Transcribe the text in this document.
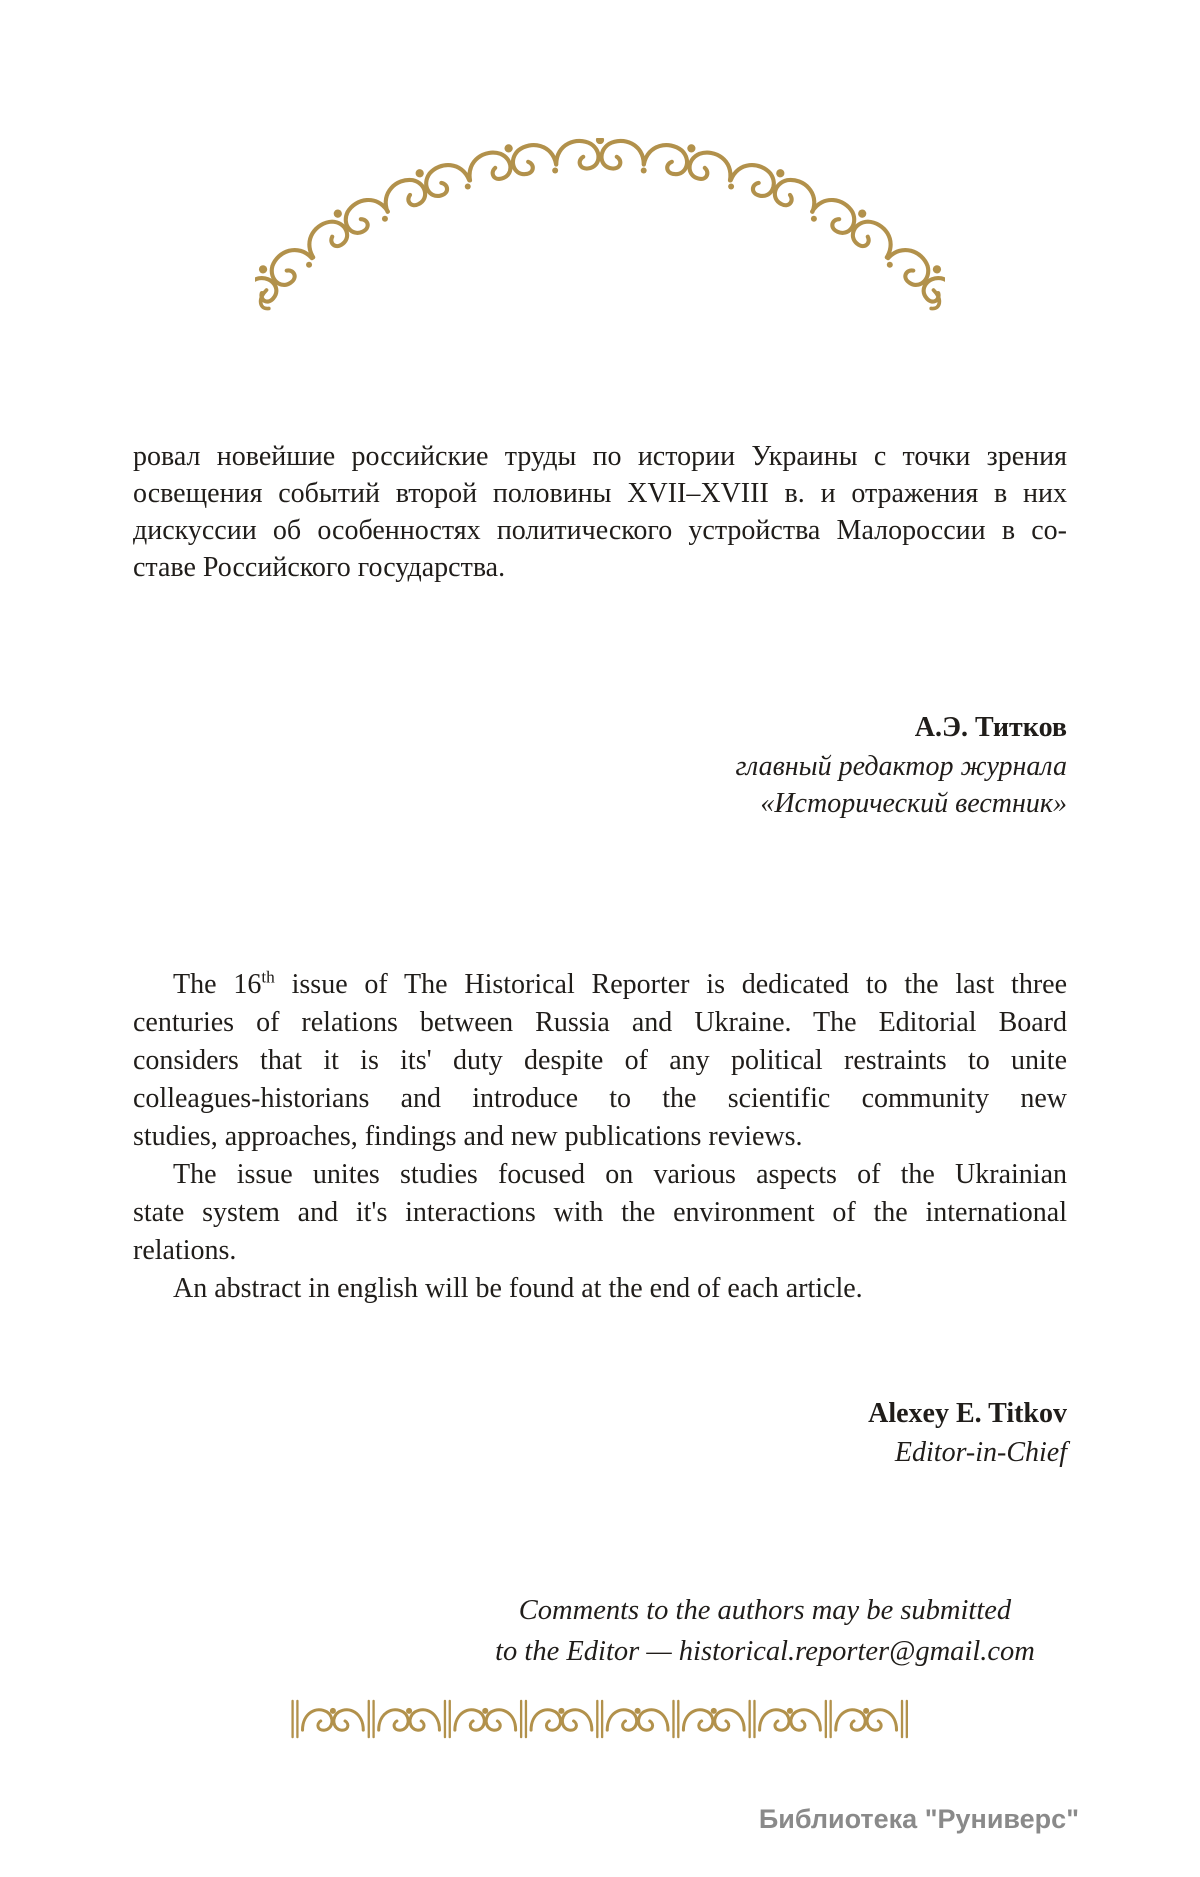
ровал новейшие российские труды по истории Украины с точки зрения
освещения событий второй половины XVII–XVIII в. и отражения в них
дискуссии об особенностях политического устройства Малороссии в со-
ставе Российского государства.
А.Э. Титков
главный редактор журнала
«Исторический вестник»
The 16th issue of The Historical Reporter is dedicated to the last three
centuries of relations between Russia and Ukraine. The Editorial Board
considers that it is its' duty despite of any political restraints to unite
colleagues-historians and introduce to the scientific community new
studies, approaches, findings and new publications reviews.
The issue unites studies focused on various aspects of the Ukrainian
state system and it's interactions with the environment of the international
relations.
An abstract in english will be found at the end of each article.
Alexey E. Titkov
Editor-in-Chief
Comments to the authors may be submitted
to the Editor — historical.reporter@gmail.com
Библиотека "Руниверс"
